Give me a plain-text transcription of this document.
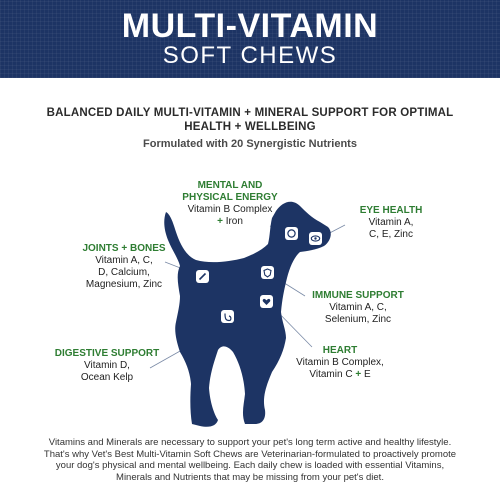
MULTI-VITAMIN
SOFT CHEWS
BALANCED DAILY MULTI-VITAMIN + MINERAL SUPPORT FOR OPTIMAL HEALTH + WELLBEING
Formulated with 20 Synergistic Nutrients
MENTAL AND
PHYSICAL ENERGY
Vitamin B Complex
+ Iron
EYE HEALTH
Vitamin A,
C, E, Zinc
JOINTS + BONES
Vitamin A, C,
D, Calcium,
Magnesium, Zinc
IMMUNE SUPPORT
Vitamin A, C,
Selenium, Zinc
HEART
Vitamin B Complex,
Vitamin C + E
DIGESTIVE SUPPORT
Vitamin D,
Ocean Kelp
Vitamins and Minerals are necessary to support your pet's long term active and healthy lifestyle. That's why Vet's Best Multi-Vitamin Soft Chews are Veterinarian-formulated to proactively promote your dog's physical and mental wellbeing. Each daily chew is loaded with essential Vitamins, Minerals and Nutrients that may be missing from your pet's diet.
